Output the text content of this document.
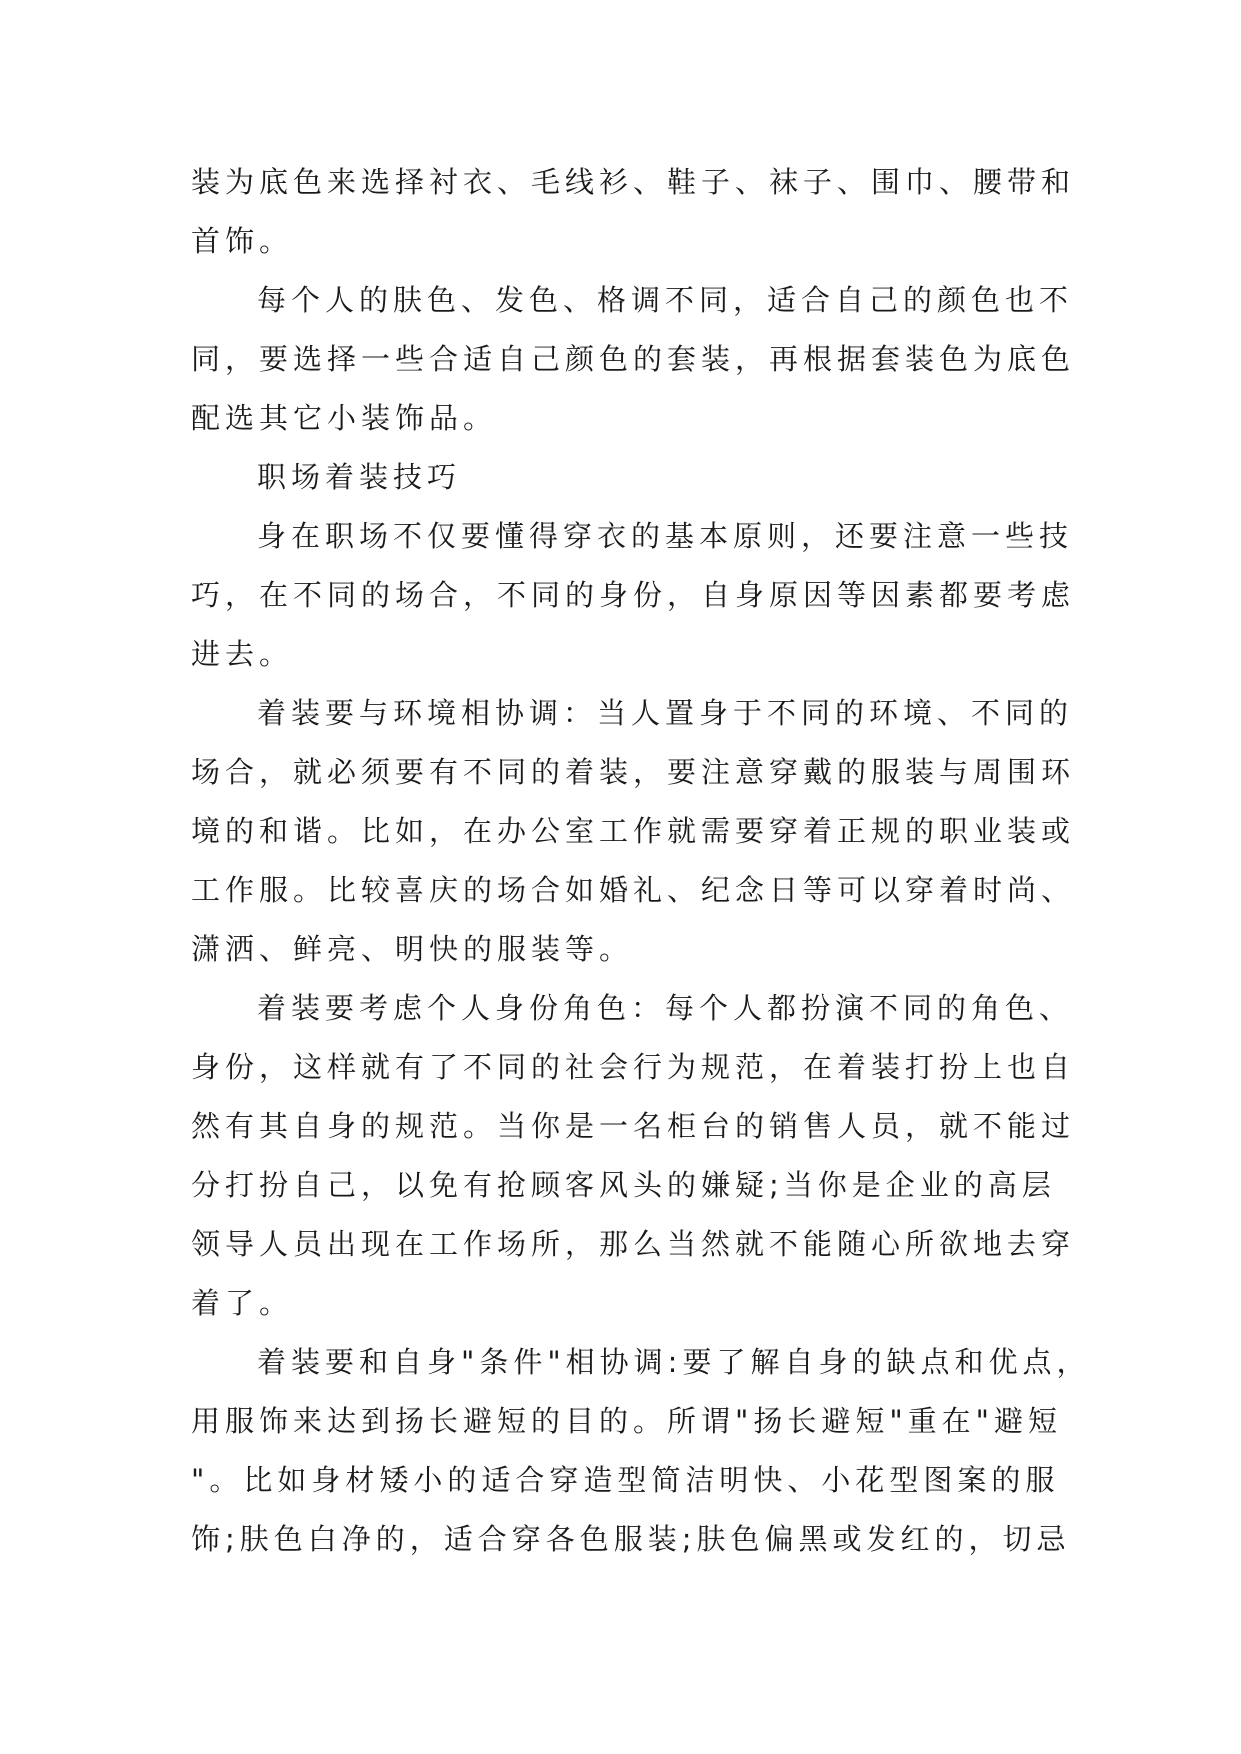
装为底色来选择衬衣、毛线衫、鞋子、袜子、围巾、腰带和
首饰。
每个人的肤色、发色、格调不同，适合自己的颜色也不
同，要选择一些合适自己颜色的套装，再根据套装色为底色
配选其它小装饰品。
职场着装技巧
身在职场不仅要懂得穿衣的基本原则，还要注意一些技
巧，在不同的场合，不同的身份，自身原因等因素都要考虑
进去。
着装要与环境相协调：当人置身于不同的环境、不同的
场合，就必须要有不同的着装，要注意穿戴的服装与周围环
境的和谐。比如，在办公室工作就需要穿着正规的职业装或
工作服。比较喜庆的场合如婚礼、纪念日等可以穿着时尚、
潇洒、鲜亮、明快的服装等。
着装要考虑个人身份角色：每个人都扮演不同的角色、
身份，这样就有了不同的社会行为规范，在着装打扮上也自
然有其自身的规范。当你是一名柜台的销售人员，就不能过
分打扮自己，以免有抢顾客风头的嫌疑;当你是企业的高层
领导人员出现在工作场所，那么当然就不能随心所欲地去穿
着了。
着装要和自身"条件"相协调:要了解自身的缺点和优点，
用服饰来达到扬长避短的目的。所谓"扬长避短"重在"避短
"。比如身材矮小的适合穿造型简洁明快、小花型图案的服
饰;肤色白净的，适合穿各色服装;肤色偏黑或发红的，切忌
